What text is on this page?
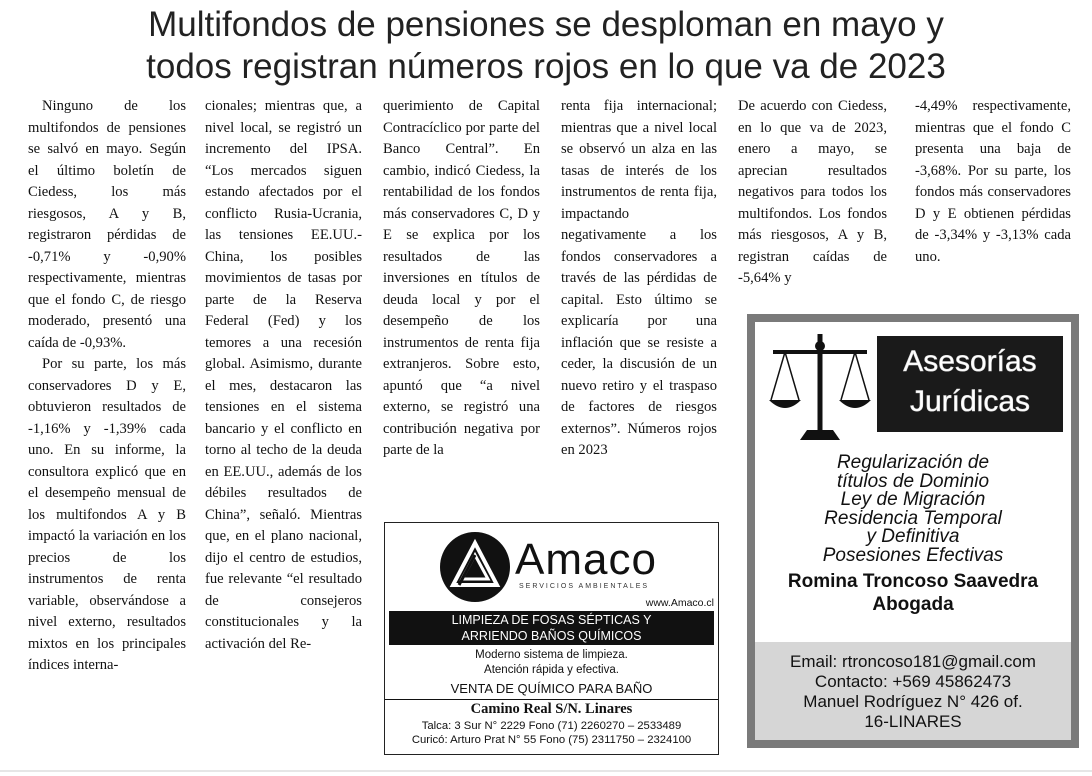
Multifondos de pensiones se desploman en mayo y
todos registran números rojos en lo que va de 2023

Ninguno de los multifondos de pensiones se salvó en mayo. Según el último boletín de Ciedess, los más riesgosos, A y B, registraron pérdidas de -0,71% y -0,90% respectivamente, mientras que el fondo C, de riesgo moderado, presentó una caída de -0,93%.

Por su parte, los más conservadores D y E, obtuvieron resultados de -1,16% y -1,39% cada uno. En su informe, la consultora explicó que en el desempeño mensual de los multifondos A y B impactó la variación en los precios de los instrumentos de renta variable, observándose a nivel externo, resultados mixtos en los principales índices interna-

cionales; mientras que, a nivel local, se registró un incremento del IPSA. “Los mercados siguen estando afectados por el conflicto Rusia-Ucrania, las tensiones EE.UU.-China, los posibles movimientos de tasas por parte de la Reserva Federal (Fed) y los temores a una recesión global. Asimismo, durante el mes, destacaron las tensiones en el sistema bancario y el conflicto en torno al techo de la deuda en EE.UU., además de los débiles resultados de China”, señaló. Mientras que, en el plano nacional, dijo el centro de estudios, fue relevante “el resultado de consejeros constitucionales y la activación del Re-

querimiento de Capital Contracíclico por parte del Banco Central”. En cambio, indicó Ciedess, la rentabilidad de los fondos más conservadores C, D y E se explica por los resultados de las inversiones en títulos de deuda local y por el desempeño de los instrumentos de renta fija extranjeros. Sobre esto, apuntó que “a nivel externo, se registró una contribución negativa por parte de la

renta fija internacional; mientras que a nivel local se observó un alza en las tasas de interés de los instrumentos de renta fija, impactando negativamente a los fondos conservadores a través de las pérdidas de capital. Esto último se explicaría por una inflación que se resiste a ceder, la discusión de un nuevo retiro y el traspaso de factores de riesgos externos”. Números rojos en 2023

De acuerdo con Ciedess, en lo que va de 2023, enero a mayo, se aprecian resultados negativos para todos los multifondos. Los fondos más riesgosos, A y B, registran caídas de -5,64% y

-4,49% respectivamente, mientras que el fondo C presenta una baja de -3,68%. Por su parte, los fondos más conservadores D y E obtienen pérdidas de -3,34% y -3,13% cada uno.

Amaco
SERVICIOS AMBIENTALES
www.Amaco.cl
LIMPIEZA DE FOSAS SÉPTICAS Y
ARRIENDO BAÑOS QUÍMICOS
Moderno sistema de limpieza.
Atención rápida y efectiva.
VENTA DE QUÍMICO PARA BAÑO
Camino Real S/N. Linares
Talca: 3 Sur N° 2229 Fono (71) 2260270 – 2533489
Curicó: Arturo Prat N° 55 Fono (75) 2311750 – 2324100
Asesorías
Jurídicas
Regularización de
títulos de Dominio
Ley de Migración
Residencia Temporal
y Definitiva
Posesiones Efectivas
Romina Troncoso Saavedra
Abogada
Email: rtroncoso181@gmail.com
Contacto: +569 45862473
Manuel Rodríguez N° 426 of.
16-LINARES
